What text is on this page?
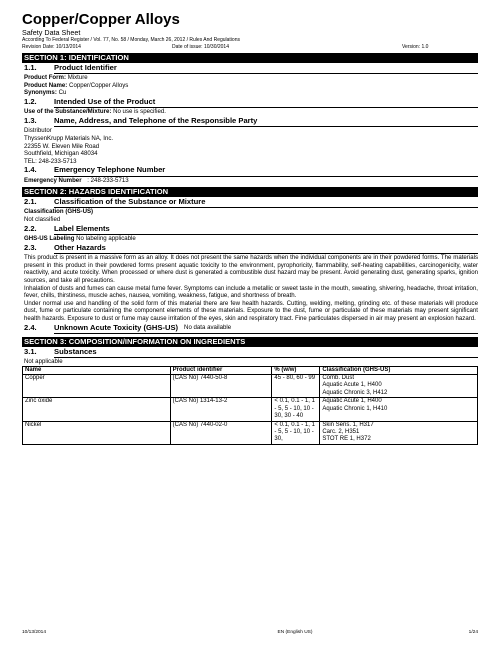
Copper/Copper Alloys
Safety Data Sheet
According To Federal Register / Vol. 77, No. 58 / Monday, March 26, 2012 / Rules And Regulations
Revision Date: 10/13/2014	Date of issue: 10/30/2014	Version: 1.0
SECTION 1: IDENTIFICATION
1.1.	Product Identifier
Product Form: Mixture
Product Name: Copper/Copper Alloys
Synonyms: Cu
1.2.	Intended Use of the Product
Use of the Substance/Mixture: No use is specified.
1.3.	Name, Address, and Telephone of the Responsible Party
Distributor
ThyssenKrupp Materials NA, Inc.
22355 W. Eleven Mile Road
Southfield, Michigan 48034
TEL: 248-233-5713
1.4.	Emergency Telephone Number
Emergency Number : 248-233-5713
SECTION 2: HAZARDS IDENTIFICATION
2.1.	Classification of the Substance or Mixture
Classification (GHS-US)
Not classified
2.2.	Label Elements
GHS-US Labeling No labeling applicable
2.3.	Other Hazards
This product is present in a massive form as an alloy. It does not present the same hazards when the individual components are in their powdered forms. The materials present in this product in their powdered forms present aquatic toxicity to the environment, pyrophoricity, flammability, self-heating capabilities, carcinogenicity, water reactivity, and acute toxicity. When processed or where dust is generated a combustible dust hazard may be present. Avoid generating dust, generating sparks, ignition sources, and take all precautions.
Inhalation of dusts and fumes can cause metal fume fever. Symptoms can include a metallic or sweet taste in the mouth, sweating, shivering, headache, throat irritation, fever, chills, thirstiness, muscle aches, nausea, vomiting, weakness, fatigue, and shortness of breath.
Under normal use and handling of the solid form of this material there are few health hazards. Cutting, welding, melting, grinding etc. of these materials will produce dust, fume or particulate containing the component elements of these materials. Exposure to the dust, fume or particulate of these materials may present significant health hazards. Exposure to dust or fume may cause irritation of the eyes, skin and respiratory tract. Fine particulates dispersed in air may present an explosion hazard.
2.4.	Unknown Acute Toxicity (GHS-US) No data available
SECTION 3: COMPOSITION/INFORMATION ON INGREDIENTS
3.1.	Substances
Not applicable
Name	Product identifier	% (w/w)	Classification (GHS-US)
Copper	(CAS No) 7440-50-8	45 - 80, 60 - 99	Comb. Dust
Aquatic Acute 1, H400
Aquatic Chronic 3, H412

Zinc oxide	(CAS No) 1314-13-2	< 0.1, 0.1 - 1, 1 - 5, 5 - 10, 10 - 30, 30 - 40	Aquatic Acute 1, H400
Aquatic Chronic 1, H410

Nickel	(CAS No) 7440-02-0	< 0.1, 0.1 - 1, 1 - 5, 5 - 10, 10 - 30,	Skin Sens. 1, H317
Carc. 2, H351
STOT RE 1, H372
10/13/2014	EN (English US)	1/24
